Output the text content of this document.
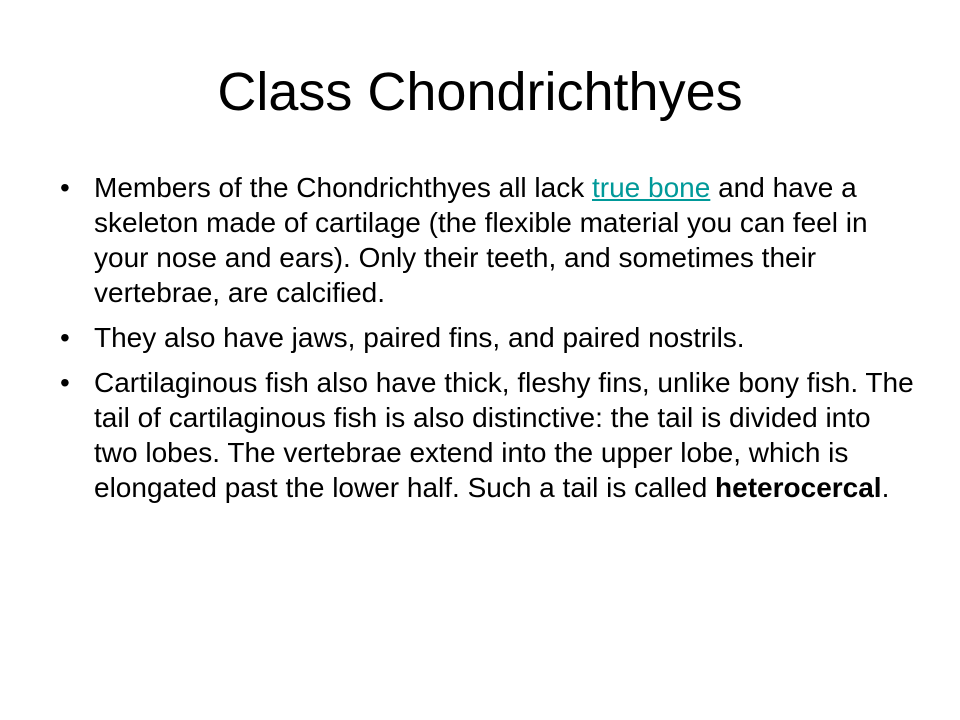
Class Chondrichthyes
• Members of the Chondrichthyes all lack true bone and have a skeleton made of cartilage (the flexible material you can feel in your nose and ears). Only their teeth, and sometimes their vertebrae, are calcified.
• They also have jaws, paired fins, and paired nostrils.
• Cartilaginous fish also have thick, fleshy fins, unlike bony fish. The tail of cartilaginous fish is also distinctive: the tail is divided into two lobes. The vertebrae extend into the upper lobe, which is elongated past the lower half. Such a tail is called heterocercal.
